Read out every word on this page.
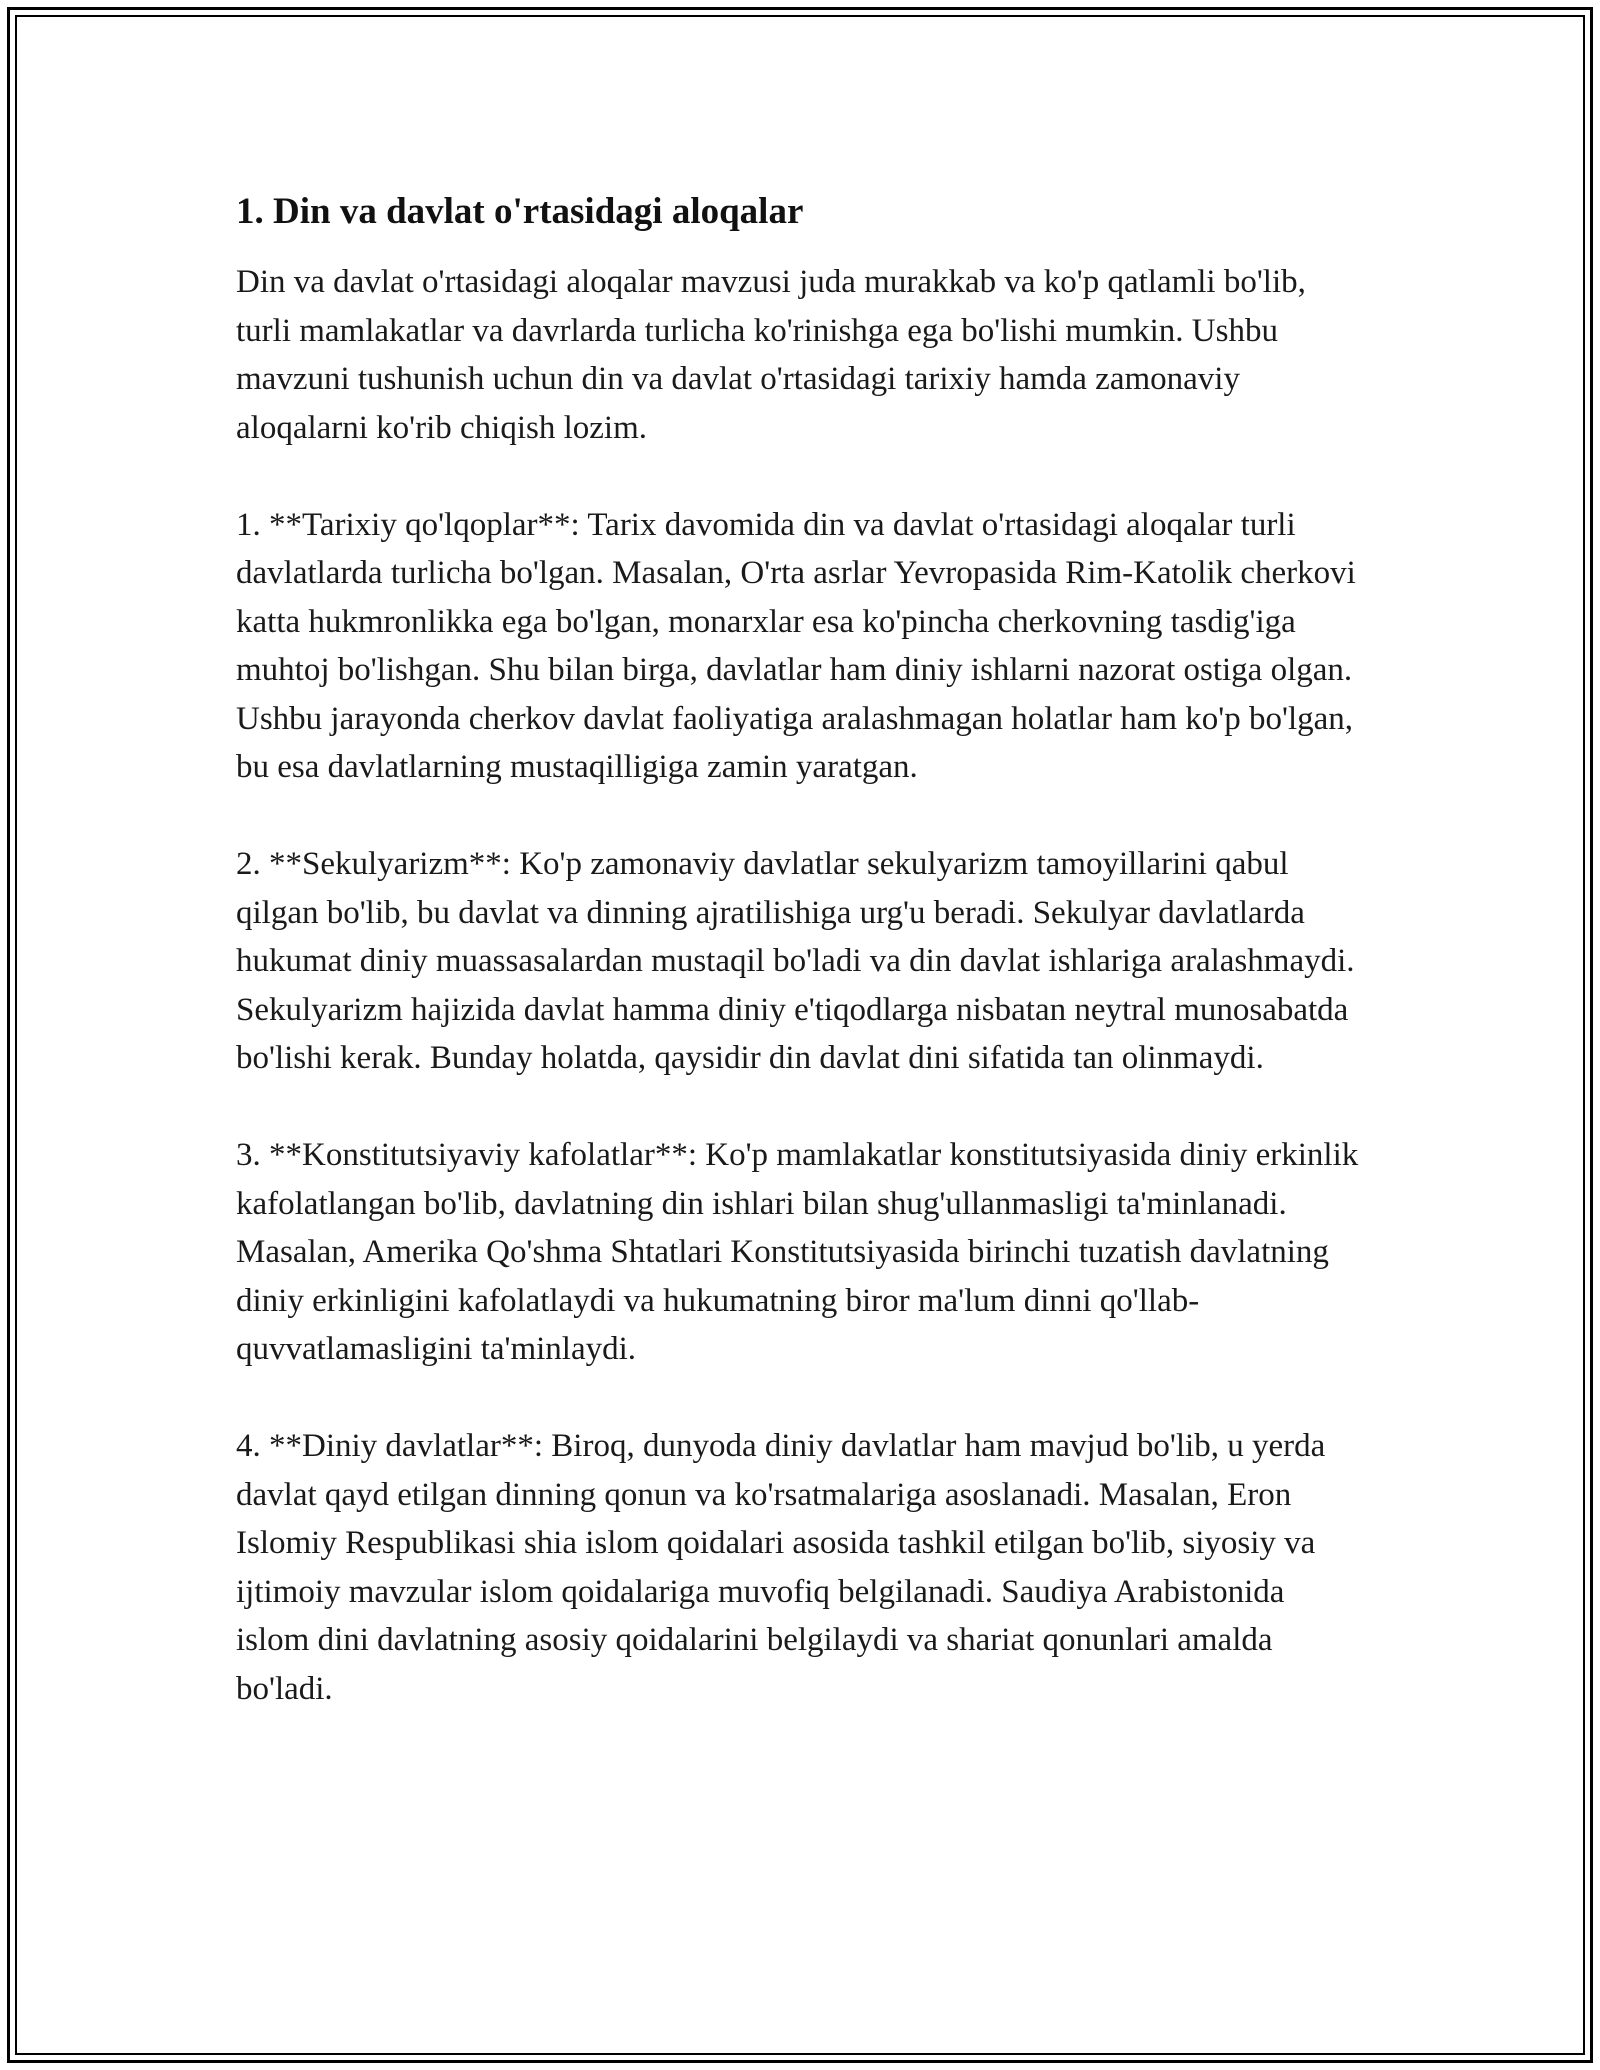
1. Din va davlat o'rtasidagi aloqalar

Din va davlat o'rtasidagi aloqalar mavzusi juda murakkab va ko'p qatlamli bo'lib, turli mamlakatlar va davrlarda turlicha ko'rinishga ega bo'lishi mumkin. Ushbu mavzuni tushunish uchun din va davlat o'rtasidagi tarixiy hamda zamonaviy aloqalarni ko'rib chiqish lozim.

1. **Tarixiy qo'lqoplar**: Tarix davomida din va davlat o'rtasidagi aloqalar turli davlatlarda turlicha bo'lgan. Masalan, O'rta asrlar Yevropasida Rim-Katolik cherkovi katta hukmronlikka ega bo'lgan, monarxlar esa ko'pincha cherkovning tasdig'iga muhtoj bo'lishgan. Shu bilan birga, davlatlar ham diniy ishlarni nazorat ostiga olgan. Ushbu jarayonda cherkov davlat faoliyatiga aralashmagan holatlar ham ko'p bo'lgan, bu esa davlatlarning mustaqilligiga zamin yaratgan.

2. **Sekulyarizm**: Ko'p zamonaviy davlatlar sekulyarizm tamoyillarini qabul qilgan bo'lib, bu davlat va dinning ajratilishiga urg'u beradi. Sekulyar davlatlarda hukumat diniy muassasalardan mustaqil bo'ladi va din davlat ishlariga aralashmaydi. Sekulyarizm hajizida davlat hamma diniy e'tiqodlarga nisbatan neytral munosabatda bo'lishi kerak. Bunday holatda, qaysidir din davlat dini sifatida tan olinmaydi.

3. **Konstitutsiyaviy kafolatlar**: Ko'p mamlakatlar konstitutsiyasida diniy erkinlik kafolatlangan bo'lib, davlatning din ishlari bilan shug'ullanmasligi ta'minlanadi. Masalan, Amerika Qo'shma Shtatlari Konstitutsiyasida birinchi tuzatish davlatning diniy erkinligini kafolatlaydi va hukumatning biror ma'lum dinni qo'llab-quvvatlamasligini ta'minlaydi.

4. **Diniy davlatlar**: Biroq, dunyoda diniy davlatlar ham mavjud bo'lib, u yerda davlat qayd etilgan dinning qonun va ko'rsatmalariga asoslanadi. Masalan, Eron Islomiy Respublikasi shia islom qoidalari asosida tashkil etilgan bo'lib, siyosiy va ijtimoiy mavzular islom qoidalariga muvofiq belgilanadi. Saudiya Arabistonida islom dini davlatning asosiy qoidalarini belgilaydi va shariat qonunlari amalda bo'ladi.
